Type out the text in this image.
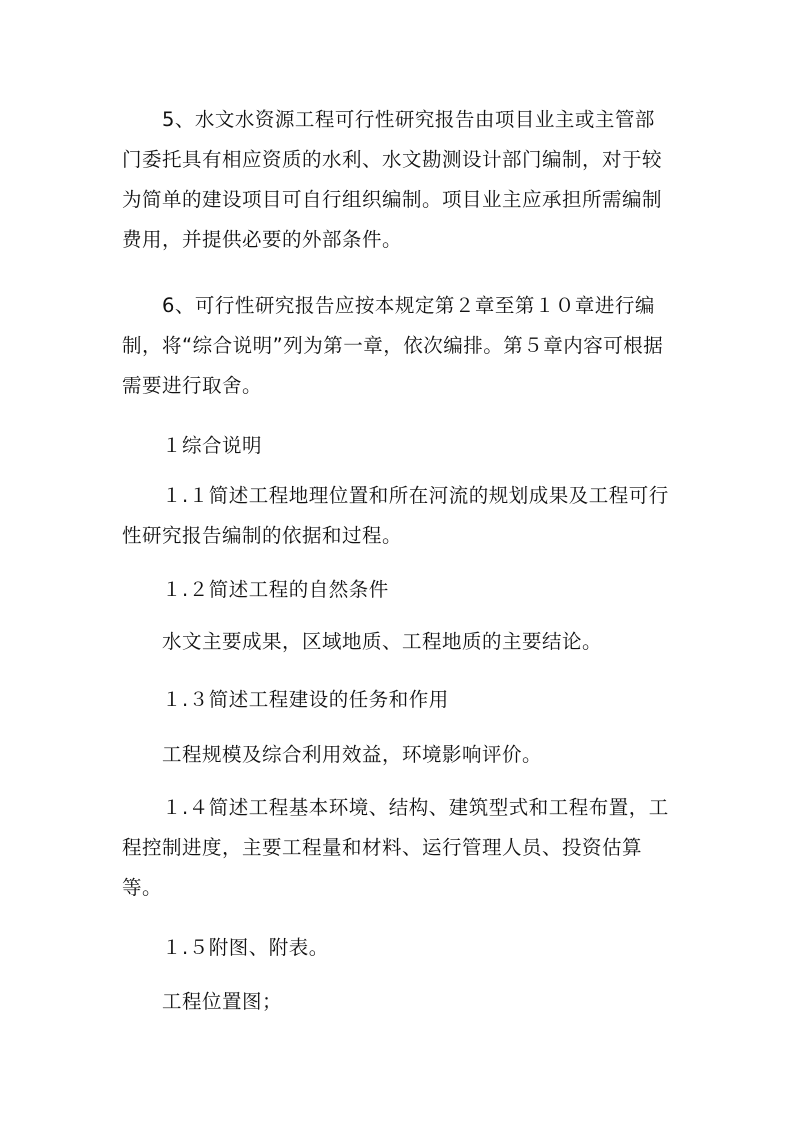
5、水文水资源工程可行性研究报告由项目业主或主管部门委托具有相应资质的水利、水文勘测设计部门编制，对于较为简单的建设项目可自行组织编制。项目业主应承担所需编制费用，并提供必要的外部条件。

6、可行性研究报告应按本规定第２章至第１０章进行编制，将“综合说明”列为第一章，依次编排。第５章内容可根据需要进行取舍。

１综合说明

１.１简述工程地理位置和所在河流的规划成果及工程可行性研究报告编制的依据和过程。

１.２简述工程的自然条件

水文主要成果，区域地质、工程地质的主要结论。

１.３简述工程建设的任务和作用

工程规模及综合利用效益，环境影响评价。

１.４简述工程基本环境、结构、建筑型式和工程布置，工程控制进度，主要工程量和材料、运行管理人员、投资估算等。

１.５附图、附表。

工程位置图；
